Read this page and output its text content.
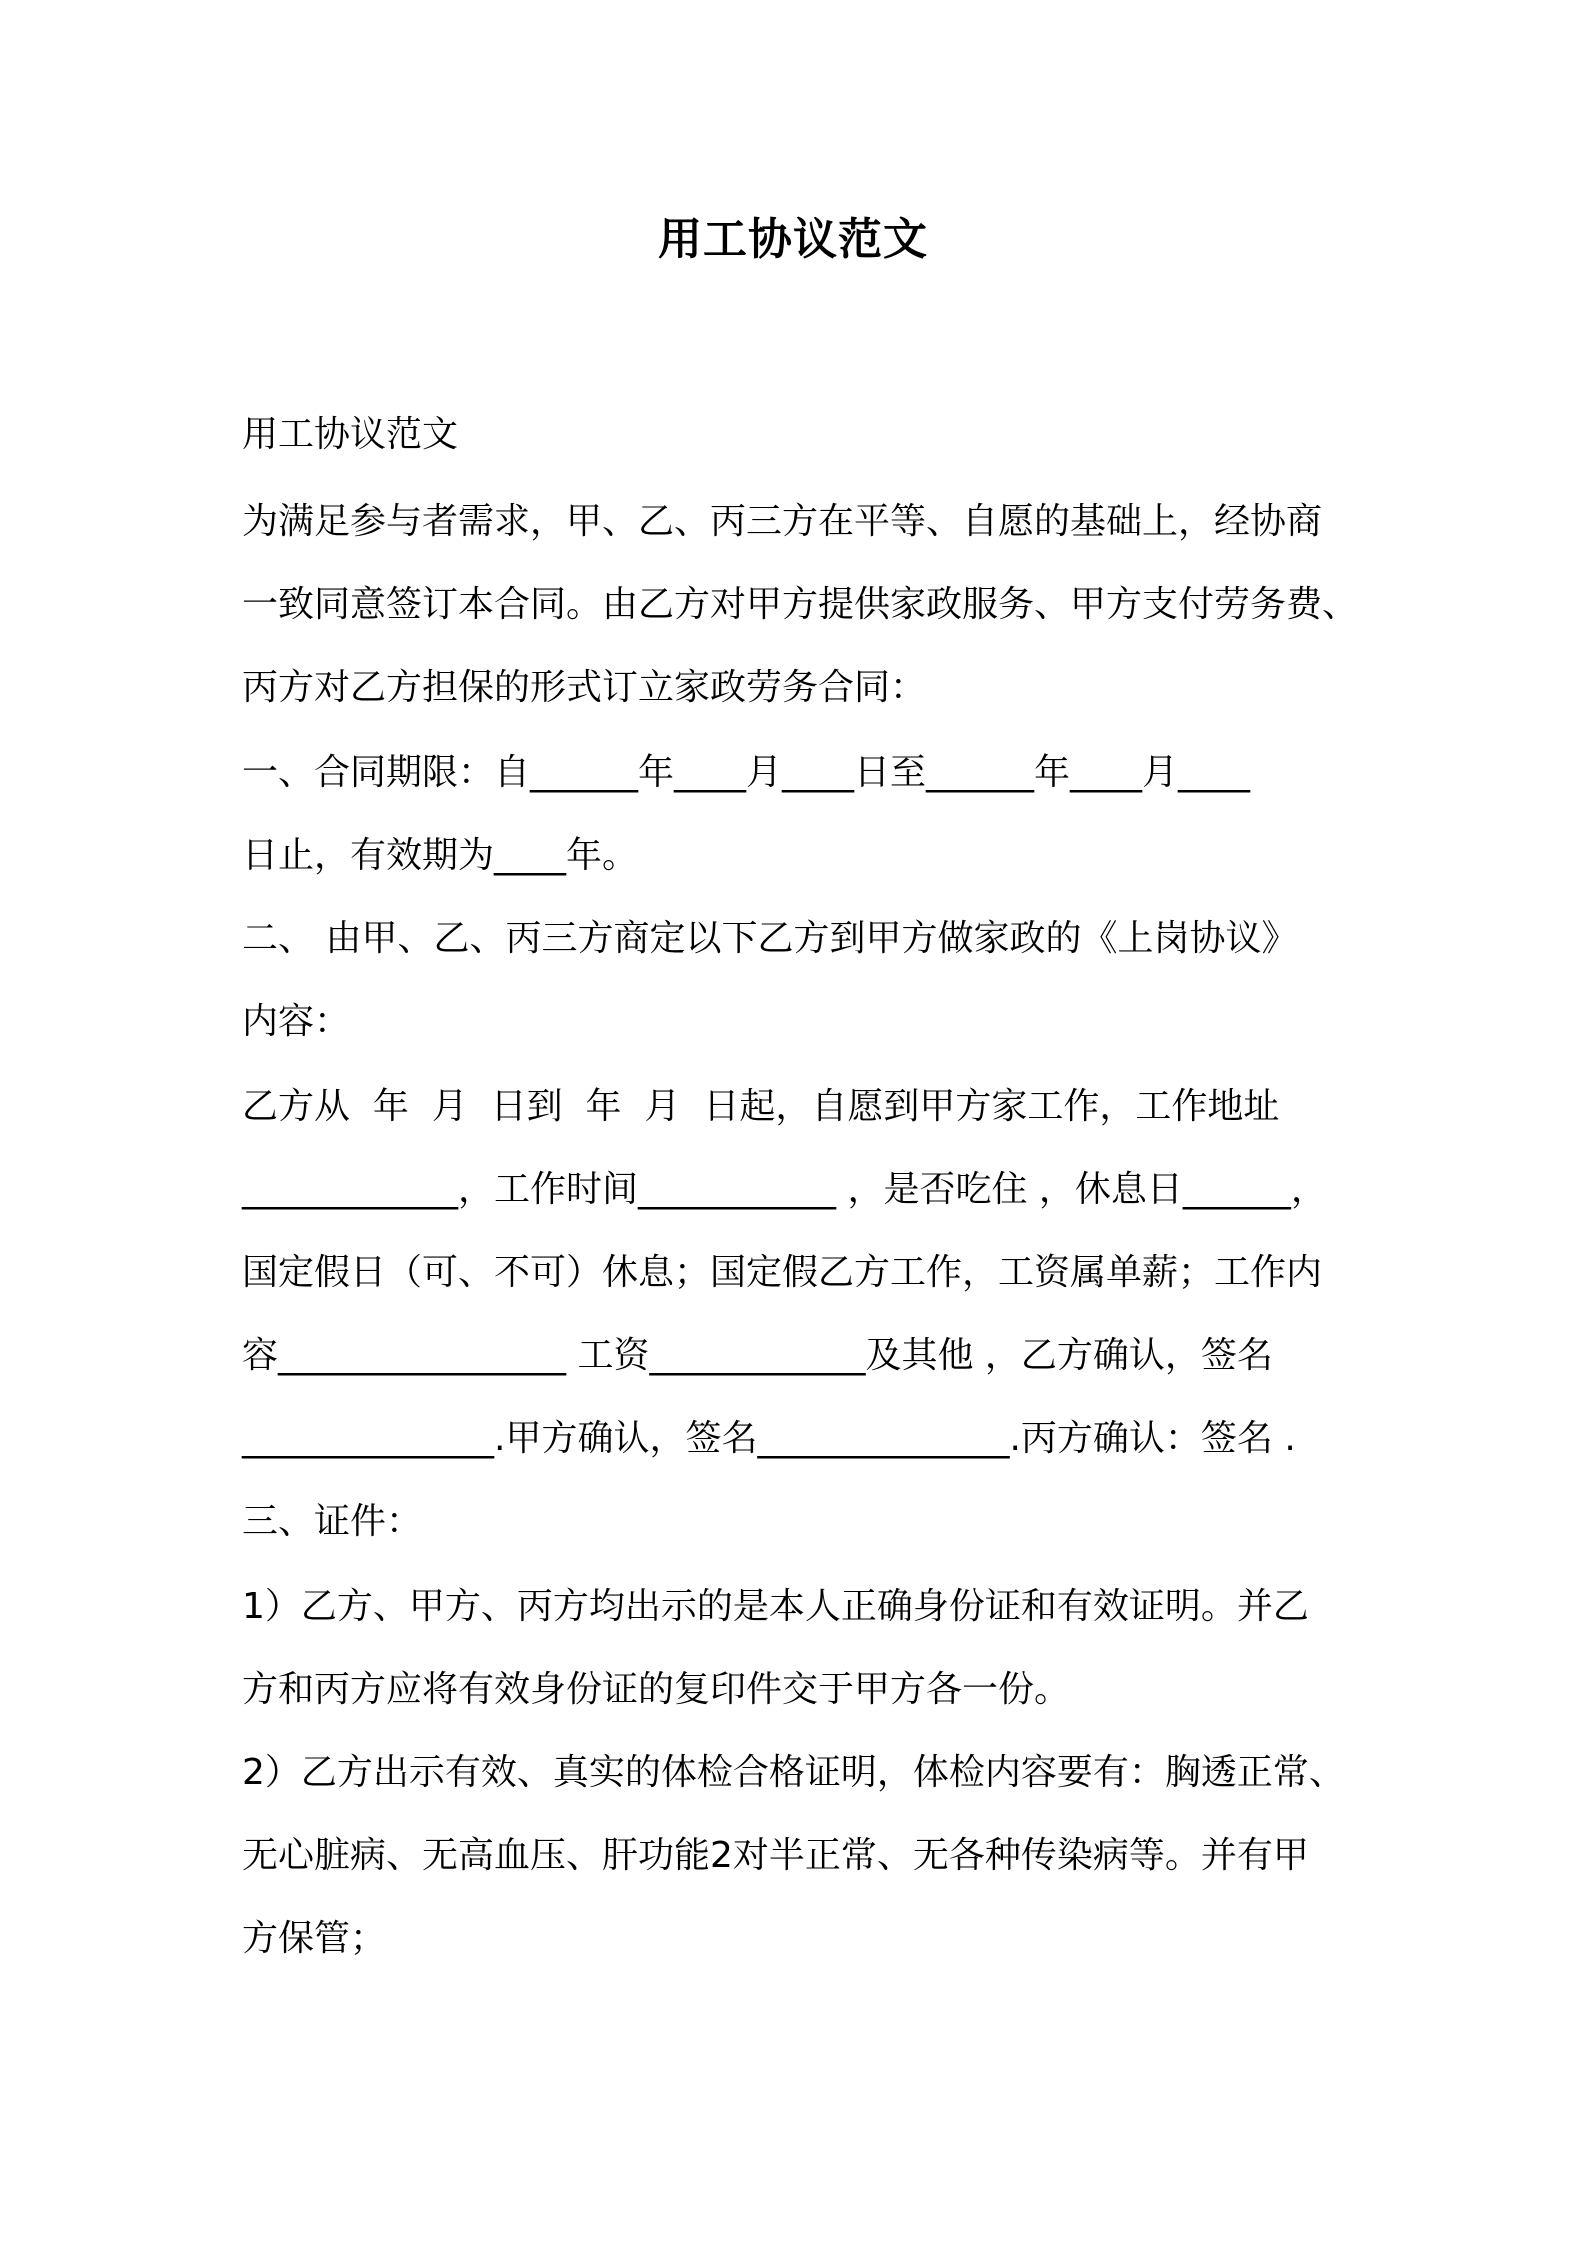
用工协议范文
用工协议范文
为满足参与者需求，甲、乙、丙三方在平等、自愿的基础上，经协商
一致同意签订本合同。由乙方对甲方提供家政服务、甲方支付劳务费、
丙方对乙方担保的形式订立家政劳务合同：
一、合同期限：自______年____月____日至______年____月____
日止，有效期为____年。
二、 由甲、乙、丙三方商定以下乙方到甲方做家政的《上岗协议》
内容：
乙方从  年  月  日到  年  月  日起，自愿到甲方家工作，工作地址
____________，工作时间___________ ，是否吃住 ，休息日______，
国定假日（可、不可）休息；国定假乙方工作，工资属单薪；工作内
容________________ 工资____________及其他 ，乙方确认，签名
______________.甲方确认，签名______________.丙方确认：签名 .
三、证件：
1）乙方、甲方、丙方均出示的是本人正确身份证和有效证明。并乙
方和丙方应将有效身份证的复印件交于甲方各一份。
2）乙方出示有效、真实的体检合格证明，体检内容要有：胸透正常、
无心脏病、无高血压、肝功能2对半正常、无各种传染病等。并有甲
方保管；
